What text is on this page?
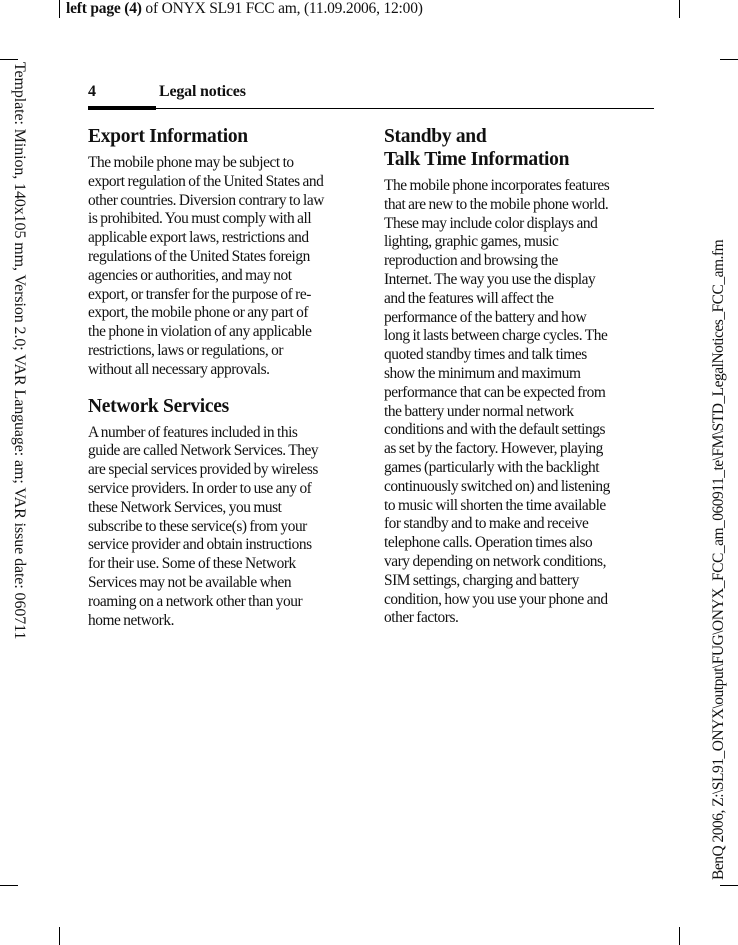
left page (4) of ONYX SL91 FCC am, (11.09.2006, 12:00)
Template: Minion, 140x105 mm, Version 2.0; VAR Language: am; VAR issue date: 060711	BenQ 2006, Z:\SL91_ONYX\output\FUG\ONYX_FCC_am_060911_te\FM\STD_LegalNotices_FCC_am.fm
4	Legal notices
Export Information

The mobile phone may be subject to
export regulation of the United States and
other countries. Diversion contrary to law
is prohibited. You must comply with all
applicable export laws, restrictions and
regulations of the United States foreign
agencies or authorities, and may not
export, or transfer for the purpose of re-
export, the mobile phone or any part of
the phone in violation of any applicable
restrictions, laws or regulations, or
without all necessary approvals.

Network Services

A number of features included in this
guide are called Network Services. They
are special services provided by wireless
service providers. In order to use any of
these Network Services, you must
subscribe to these service(s) from your
service provider and obtain instructions
for their use. Some of these Network
Services may not be available when
roaming on a network other than your
home network.

Standby and
Talk Time Information

The mobile phone incorporates features
that are new to the mobile phone world.
These may include color displays and
lighting, graphic games, music
reproduction and browsing the
Internet. The way you use the display
and the features will affect the
performance of the battery and how
long it lasts between charge cycles. The
quoted standby times and talk times
show the minimum and maximum
performance that can be expected from
the battery under normal network
conditions and with the default settings
as set by the factory. However, playing
games (particularly with the backlight
continuously switched on) and listening
to music will shorten the time available
for standby and to make and receive
telephone calls. Operation times also
vary depending on network conditions,
SIM settings, charging and battery
condition, how you use your phone and
other factors.
